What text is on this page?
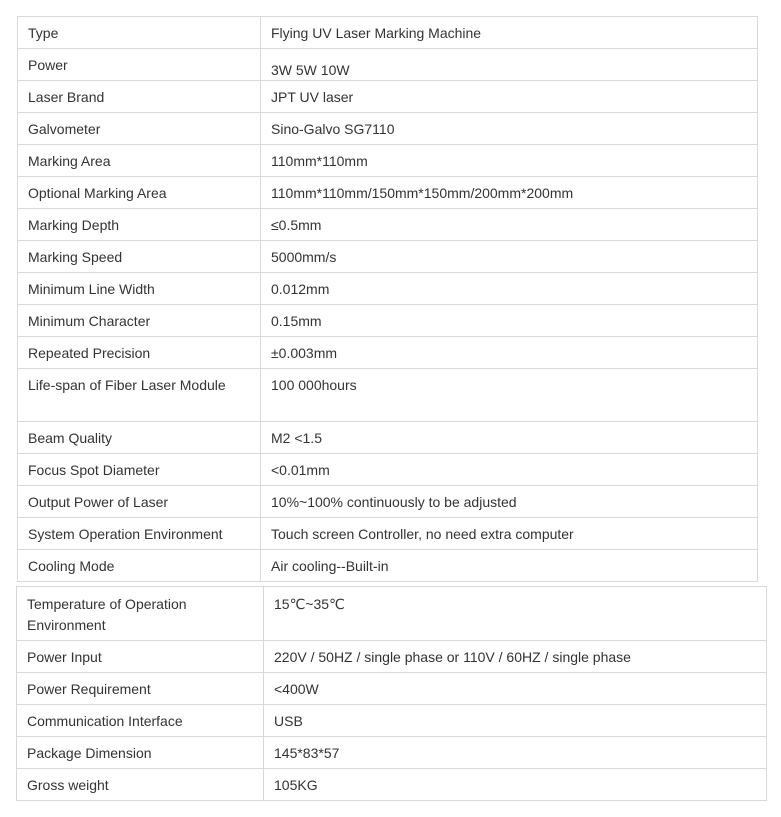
Type	Flying UV Laser Marking Machine
Power	3W 5W 10W
Laser Brand	JPT UV laser
Galvometer	Sino-Galvo SG7110
Marking Area	110mm*110mm
Optional Marking Area	110mm*110mm/150mm*150mm/200mm*200mm
Marking Depth	≤0.5mm
Marking Speed	5000mm/s
Minimum Line Width	0.012mm
Minimum Character	0.15mm
Repeated Precision	±0.003mm
Life-span of Fiber Laser Module	100 000hours
Beam Quality	M2 <1.5
Focus Spot Diameter	<0.01mm
Output Power of Laser	10%~100% continuously to be adjusted
System Operation Environment	Touch screen Controller, no need extra computer
Cooling Mode	Air cooling--Built-in
Temperature of Operation Environment	15℃~35℃
Power Input	220V / 50HZ / single phase or 110V / 60HZ / single phase
Power Requirement	<400W
Communication Interface	USB
Package Dimension	145*83*57
Gross weight	105KG
